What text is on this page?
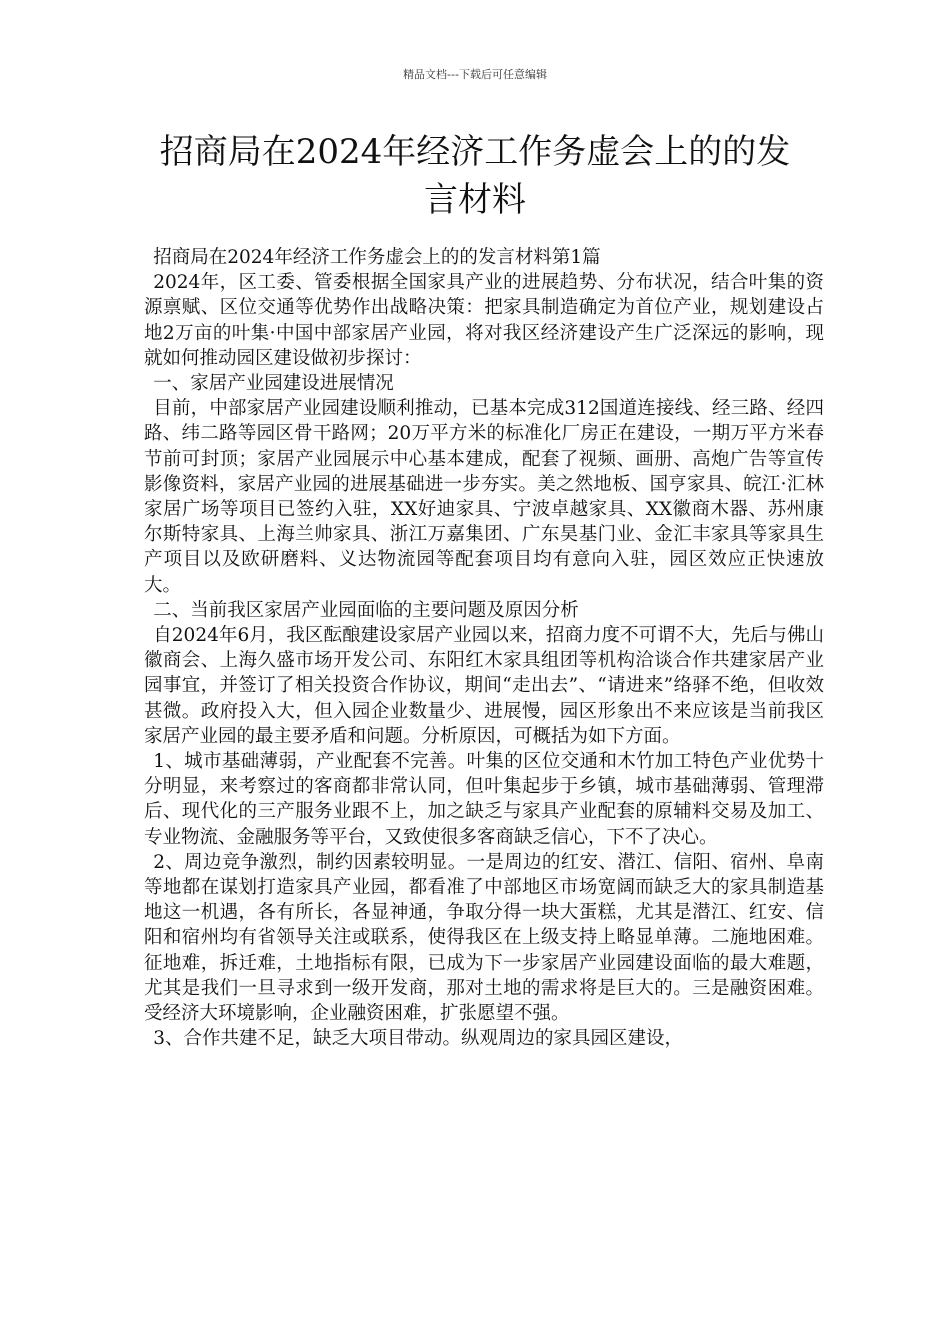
精品文档---下载后可任意编辑
招商局在2024年经济工作务虚会上的的发
言材料

招商局在2024年经济工作务虚会上的的发言材料第1篇

2024年，区工委、管委根据全国家具产业的进展趋势、分布状况，结合叶集的资源禀赋、区位交通等优势作出战略决策：把家具制造确定为首位产业，规划建设占地2万亩的叶集·中国中部家居产业园，将对我区经济建设产生广泛深远的影响，现就如何推动园区建设做初步探讨：

一、家居产业园建设进展情况

目前，中部家居产业园建设顺利推动，已基本完成312国道连接线、经三路、经四路、纬二路等园区骨干路网；20万平方米的标准化厂房正在建设，一期万平方米春节前可封顶；家居产业园展示中心基本建成，配套了视频、画册、高炮广告等宣传影像资料，家居产业园的进展基础进一步夯实。美之然地板、国亨家具、皖江·汇林家居广场等项目已签约入驻，XX好迪家具、宁波卓越家具、XX徽商木器、苏州康尔斯特家具、上海兰帅家具、浙江万嘉集团、广东昊基门业、金汇丰家具等家具生产项目以及欧研磨料、义达物流园等配套项目均有意向入驻，园区效应正快速放大。

二、当前我区家居产业园面临的主要问题及原因分析

自2024年6月，我区酝酿建设家居产业园以来，招商力度不可谓不大，先后与佛山徽商会、上海久盛市场开发公司、东阳红木家具组团等机构洽谈合作共建家居产业园事宜，并签订了相关投资合作协议，期间“走出去”、“请进来”络驿不绝，但收效甚微。政府投入大，但入园企业数量少、进展慢，园区形象出不来应该是当前我区家居产业园的最主要矛盾和问题。分析原因，可概括为如下方面。

1、城市基础薄弱，产业配套不完善。叶集的区位交通和木竹加工特色产业优势十分明显，来考察过的客商都非常认同，但叶集起步于乡镇，城市基础薄弱、管理滞后、现代化的三产服务业跟不上，加之缺乏与家具产业配套的原辅料交易及加工、专业物流、金融服务等平台，又致使很多客商缺乏信心，下不了决心。

2、周边竞争激烈，制约因素较明显。一是周边的红安、潜江、信阳、宿州、阜南等地都在谋划打造家具产业园，都看准了中部地区市场宽阔而缺乏大的家具制造基地这一机遇，各有所长，各显神通，争取分得一块大蛋糕，尤其是潜江、红安、信阳和宿州均有省领导关注或联系，使得我区在上级支持上略显单薄。二施地困难。征地难，拆迁难，土地指标有限，已成为下一步家居产业园建设面临的最大难题，尤其是我们一旦寻求到一级开发商，那对土地的需求将是巨大的。三是融资困难。受经济大环境影响，企业融资困难，扩张愿望不强。

3、合作共建不足，缺乏大项目带动。纵观周边的家具园区建设，
